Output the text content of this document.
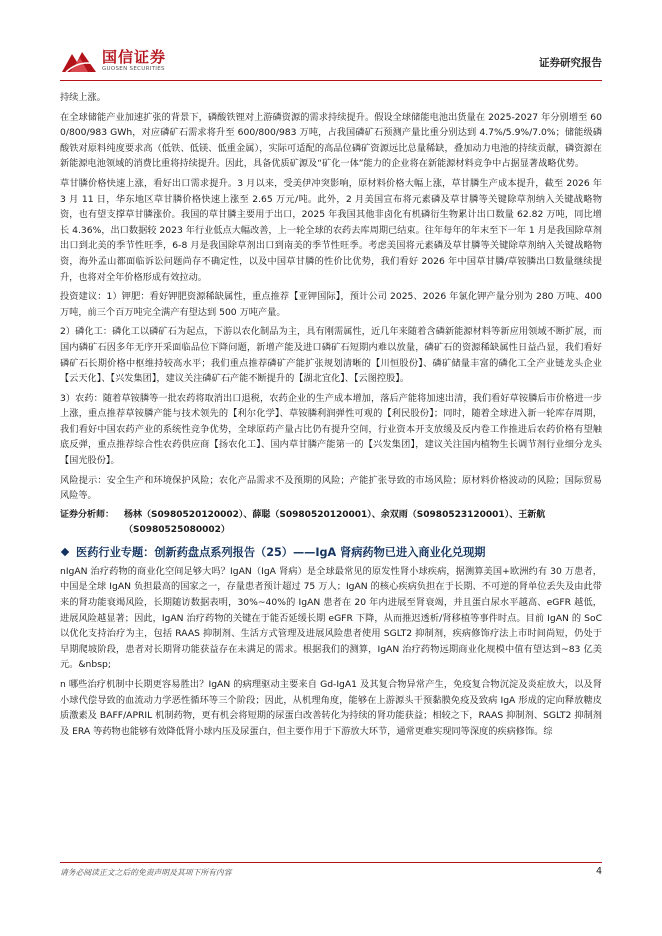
国信证券
GUOSEN SECURITIES	证券研究报告

持续上涨。

在全球储能产业加速扩张的背景下，磷酸铁锂对上游磷资源的需求持续提升。假设全球储能电池出货量在 2025-2027 年分别增至 600/800/983 GWh，对应磷矿石需求将升至 600/800/983 万吨，占我国磷矿石预测产量比重分别达到 4.7%/5.9%/7.0%；储能级磷酸铁对原料纯度要求高（低铁、低镁、低重金属），实际可适配的高品位磷矿资源远比总量稀缺，叠加动力电池的持续贡献，磷资源在新能源电池领域的消费比重将持续提升。因此，具备优质矿源及“矿化一体”能力的企业将在新能源材料竞争中占据显著战略优势。

草甘膦价格快速上涨，看好出口需求提升。3 月以来，受美伊冲突影响，原材料价格大幅上涨，草甘膦生产成本提升，截至 2026 年 3 月 11 日，华东地区草甘膦价格快速上涨至 2.65 万元/吨。此外，2 月美国宣布将元素磷及草甘膦等关键除草剂纳入关键战略物资，也有望支撑草甘膦涨价。我国的草甘膦主要用于出口，2025 年我国其他非卤化有机磷衍生物累计出口数量 62.82 万吨，同比增长 4.36%，出口数据较 2023 年行业低点大幅改善，上一轮全球的农药去库周期已结束。往年每年的年末至下一年 1 月是我国除草剂出口到北美的季节性旺季，6-8 月是我国除草剂出口到南美的季节性旺季。考虑美国将元素磷及草甘膦等关键除草剂纳入关键战略物资，海外孟山都面临诉讼问题尚存不确定性，以及中国草甘膦的性价比优势，我们看好 2026 年中国草甘膦/草铵膦出口数量继续提升，也将对全年价格形成有效拉动。

投资建议：1）钾肥：看好钾肥资源稀缺属性，重点推荐【亚钾国际】，预计公司 2025、2026 年氯化钾产量分别为 280 万吨、400 万吨，前三个百万吨完全满产有望达到 500 万吨产量。

2）磷化工：磷化工以磷矿石为起点，下游以农化制品为主，具有刚需属性，近几年来随着含磷新能源材料等新应用领域不断扩展，而国内磷矿石因多年无序开采面临品位下降问题，新增产能及进口磷矿石短期内难以放量，磷矿石的资源稀缺属性日益凸显，我们看好磷矿石长期价格中枢维持较高水平；我们重点推荐磷矿产能扩张规划清晰的【川恒股份】、磷矿储量丰富的磷化工全产业链龙头企业【云天化】、【兴发集团】，建议关注磷矿石产能不断提升的【湖北宜化】、【云图控股】。

3）农药：随着草铵膦等一批农药将取消出口退税，农药企业的生产成本增加，落后产能将加速出清，我们看好草铵膦后市价格进一步上涨，重点推荐草铵膦产能与技术领先的【利尔化学】、草铵膦利润弹性可观的【利民股份】；同时，随着全球进入新一轮库存周期，我们看好中国农药产业的系统性竞争优势，全球原药产量占比仍有提升空间，行业资本开支放缓及反内卷工作推进后农药价格有望触底反弹，重点推荐综合性农药供应商【扬农化工】、国内草甘膦产能第一的【兴发集团】，建议关注国内植物生长调节剂行业细分龙头【国光股份】。

风险提示：安全生产和环境保护风险；农化产品需求不及预期的风险；产能扩张导致的市场风险；原材料价格波动的风险；国际贸易风险等。

证券分析师：	杨林（S0980520120002）、薛聪（S0980520120001）、余双雨（S0980523120001）、王新航（S0980525080002）
医药行业专题：创新药盘点系列报告（25）——IgA 肾病药物已进入商业化兑现期

nIgAN 治疗药物的商业化空间足够大吗？IgAN（IgA 肾病）是全球最常见的原发性肾小球疾病，据测算美国+欧洲约有 30 万患者，中国是全球 IgAN 负担最高的国家之一，存量患者预计超过 75 万人；IgAN 的核心疾病负担在于长期、不可逆的肾单位丢失及由此带来的肾功能衰竭风险，长期随访数据表明，30%~40%的 IgAN 患者在 20 年内进展至肾衰竭，并且蛋白尿水平越高、eGFR 越低，进展风险越显著；因此，IgAN 治疗药物的关键在于能否延缓长期 eGFR 下降，从而推迟透析/肾移植等事件时点。目前 IgAN 的 SoC 以优化支持治疗为主，包括 RAAS 抑制剂、生活方式管理及进展风险患者使用 SGLT2 抑制剂，疾病修饰疗法上市时间尚短，仍处于早期爬坡阶段，患者对长期肾功能获益存在未满足的需求。根据我们的测算，IgAN 治疗药物远期商业化规模中值有望达到~83 亿美元。&nbsp;

n 哪些治疗机制中长期更容易胜出？IgAN 的病理驱动主要来自 Gd-IgA1 及其复合物异常产生，免疫复合物沉淀及炎症放大，以及肾小球代偿导致的血流动力学恶性循环等三个阶段；因此，从机理角度，能够在上游源头干预黏膜免疫及致病 IgA 形成的定向释放糖皮质激素及 BAFF/APRIL 机制药物，更有机会将短期的尿蛋白改善转化为持续的肾功能获益；相较之下，RAAS 抑制剂、SGLT2 抑制剂及 ERA 等药物也能够有效降低肾小球内压及尿蛋白，但主要作用于下游放大环节，通常更难实现同等深度的疾病修饰。综

请务必阅读正文之后的免责声明及其项下所有内容	4
